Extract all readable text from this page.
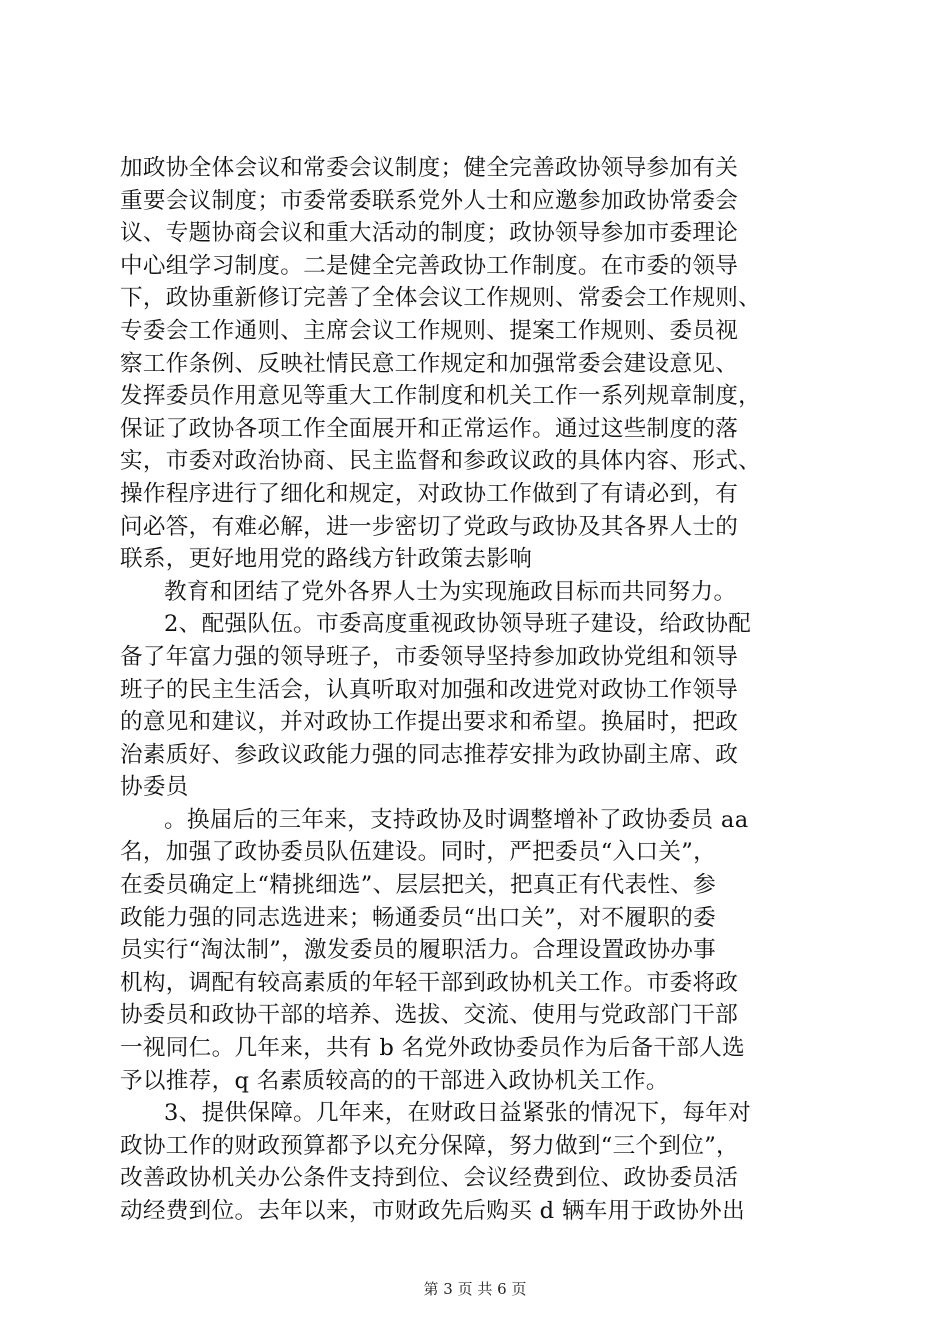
加政协全体会议和常委会议制度；健全完善政协领导参加有关
重要会议制度；市委常委联系党外人士和应邀参加政协常委会
议、专题协商会议和重大活动的制度；政协领导参加市委理论
中心组学习制度。二是健全完善政协工作制度。在市委的领导
下，政协重新修订完善了全体会议工作规则、常委会工作规则、
专委会工作通则、主席会议工作规则、提案工作规则、委员视
察工作条例、反映社情民意工作规定和加强常委会建设意见、
发挥委员作用意见等重大工作制度和机关工作一系列规章制度，
保证了政协各项工作全面展开和正常运作。通过这些制度的落
实，市委对政治协商、民主监督和参政议政的具体内容、形式、
操作程序进行了细化和规定，对政协工作做到了有请必到，有
问必答，有难必解，进一步密切了党政与政协及其各界人士的
联系，更好地用党的路线方针政策去影响
教育和团结了党外各界人士为实现施政目标而共同努力。
2、配强队伍。市委高度重视政协领导班子建设，给政协配
备了年富力强的领导班子，市委领导坚持参加政协党组和领导
班子的民主生活会，认真听取对加强和改进党对政协工作领导
的意见和建议，并对政协工作提出要求和希望。换届时，把政
治素质好、参政议政能力强的同志推荐安排为政协副主席、政
协委员
。换届后的三年来，支持政协及时调整增补了政协委员 aa
名，加强了政协委员队伍建设。同时，严把委员“入口关”，
在委员确定上“精挑细选”、层层把关，把真正有代表性、参
政能力强的同志选进来；畅通委员“出口关”，对不履职的委
员实行“淘汰制”，激发委员的履职活力。合理设置政协办事
机构，调配有较高素质的年轻干部到政协机关工作。市委将政
协委员和政协干部的培养、选拔、交流、使用与党政部门干部
一视同仁。几年来，共有 b 名党外政协委员作为后备干部人选
予以推荐，q 名素质较高的的干部进入政协机关工作。
3、提供保障。几年来，在财政日益紧张的情况下，每年对
政协工作的财政预算都予以充分保障，努力做到“三个到位”，
改善政协机关办公条件支持到位、会议经费到位、政协委员活
动经费到位。去年以来，市财政先后购买 d 辆车用于政协外出
第 3 页 共 6 页
